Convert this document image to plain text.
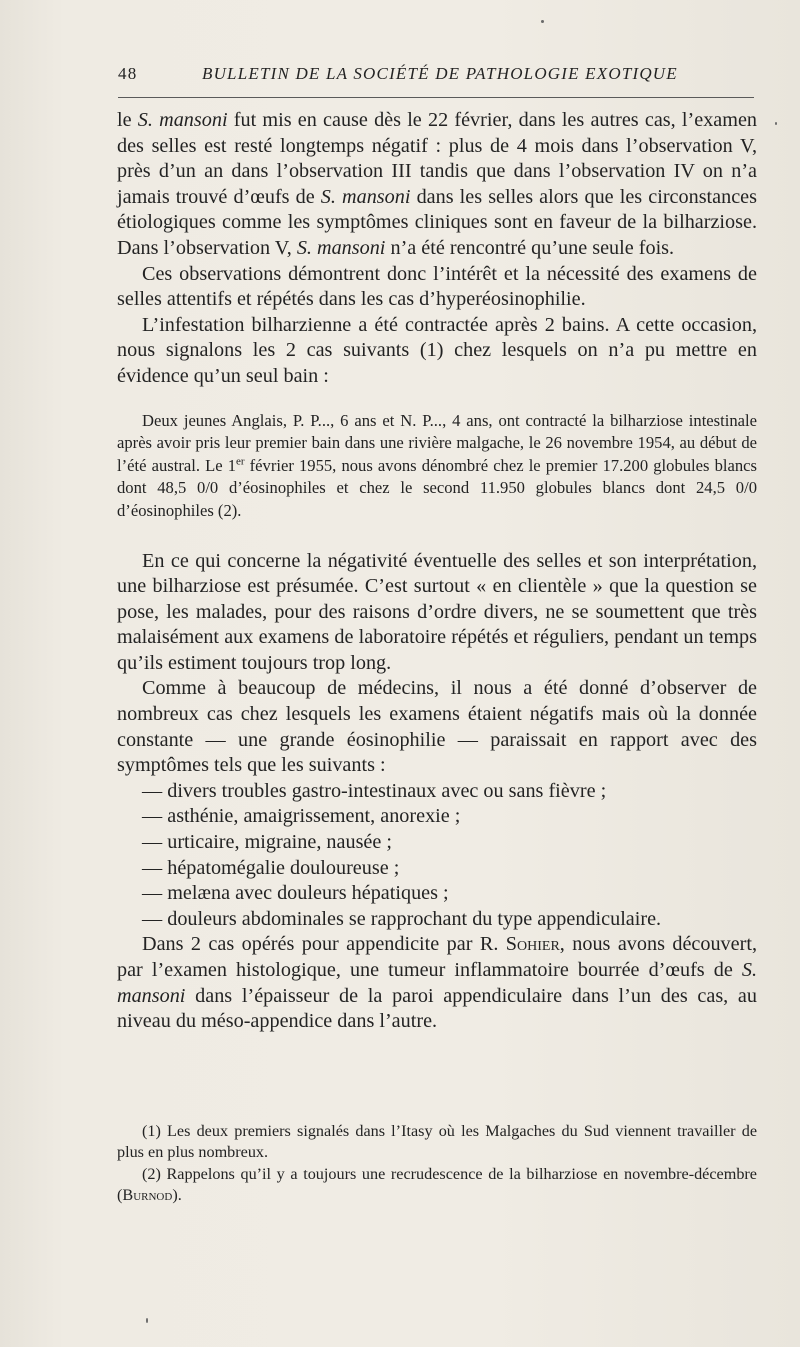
48	BULLETIN DE LA SOCIÉTÉ DE PATHOLOGIE EXOTIQUE

le S. mansoni fut mis en cause dès le 22 février, dans les autres cas, l’examen des selles est resté longtemps négatif : plus de 4 mois dans l’observation V, près d’un an dans l’observation III tandis que dans l’observation IV on n’a jamais trouvé d’œufs de S. mansoni dans les selles alors que les circonstances étiologiques comme les symptômes cliniques sont en faveur de la bilharziose. Dans l’observation V, S. mansoni n’a été rencontré qu’une seule fois.

Ces observations démontrent donc l’intérêt et la nécessité des examens de selles attentifs et répétés dans les cas d’hyperéosinophilie.

L’infestation bilharzienne a été contractée après 2 bains. A cette occasion, nous signalons les 2 cas suivants (1) chez lesquels on n’a pu mettre en évidence qu’un seul bain :

Deux jeunes Anglais, P. P..., 6 ans et N. P..., 4 ans, ont contracté la bilharziose intestinale après avoir pris leur premier bain dans une rivière malgache, le 26 novembre 1954, au début de l’été austral. Le 1er février 1955, nous avons dénombré chez le premier 17.200 globules blancs dont 48,5 0/0 d’éosinophiles et chez le second 11.950 globules blancs dont 24,5 0/0 d’éosinophiles (2).

En ce qui concerne la négativité éventuelle des selles et son interprétation, une bilharziose est présumée. C’est surtout « en clientèle » que la question se pose, les malades, pour des raisons d’ordre divers, ne se soumettent que très malaisément aux examens de laboratoire répétés et réguliers, pendant un temps qu’ils estiment toujours trop long.

Comme à beaucoup de médecins, il nous a été donné d’observer de nombreux cas chez lesquels les examens étaient négatifs mais où la donnée constante — une grande éosinophilie — paraissait en rapport avec des symptômes tels que les suivants :

— divers troubles gastro-intestinaux avec ou sans fièvre ;

— asthénie, amaigrissement, anorexie ;

— urticaire, migraine, nausée ;

— hépatomégalie douloureuse ;

— melæna avec douleurs hépatiques ;

— douleurs abdominales se rapprochant du type appendiculaire.

Dans 2 cas opérés pour appendicite par R. Sohier, nous avons découvert, par l’examen histologique, une tumeur inflammatoire bourrée d’œufs de S. mansoni dans l’épaisseur de la paroi appendiculaire dans l’un des cas, au niveau du méso-appendice dans l’autre.

(1) Les deux premiers signalés dans l’Itasy où les Malgaches du Sud viennent travailler de plus en plus nombreux.

(2) Rappelons qu’il y a toujours une recrudescence de la bilharziose en novembre-décembre (Burnod).
